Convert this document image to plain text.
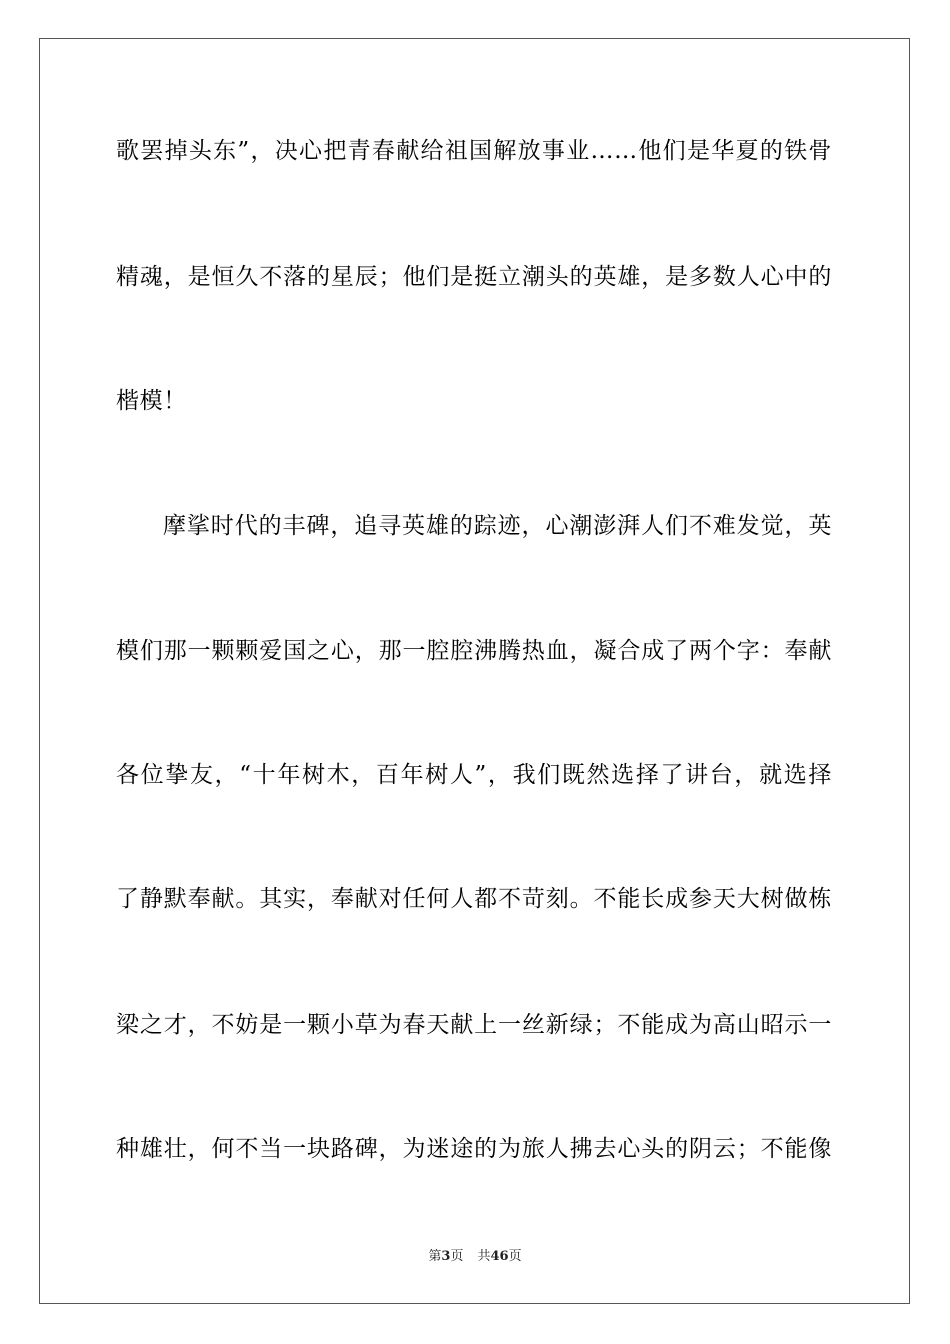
歌罢掉头东”，决心把青春献给祖国解放事业……他们是华夏的铁骨
精魂，是恒久不落的星辰；他们是挺立潮头的英雄，是多数人心中的
楷模！
摩挲时代的丰碑，追寻英雄的踪迹，心潮澎湃人们不难发觉，英
模们那一颗颗爱国之心，那一腔腔沸腾热血，凝合成了两个字：奉献
各位挚友，“十年树木，百年树人”，我们既然选择了讲台，就选择
了静默奉献。其实，奉献对任何人都不苛刻。不能长成参天大树做栋
梁之才，不妨是一颗小草为春天献上一丝新绿；不能成为高山昭示一
种雄壮，何不当一块路碑，为迷途的为旅人拂去心头的阴云；不能像
第3页 共46页
